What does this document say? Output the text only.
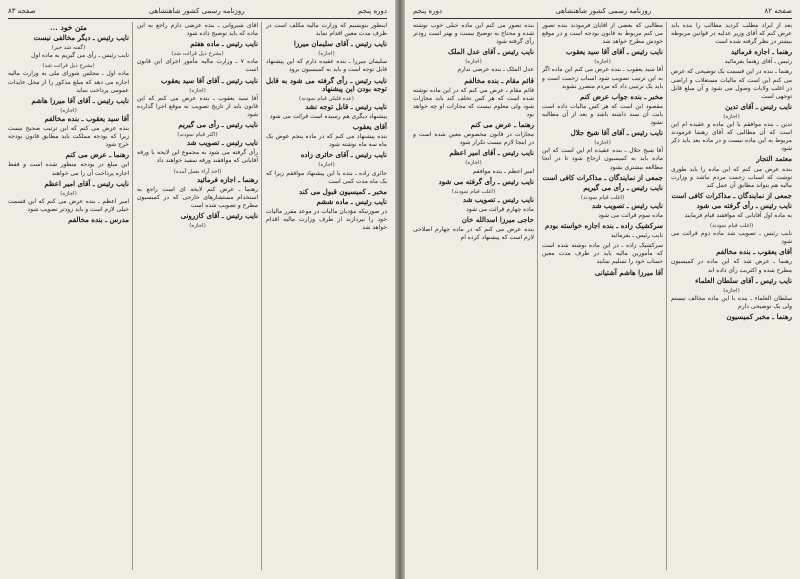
صفحه ۸۲
روزنامه رسمی کشور شاهنشاهی
دوره پنجم
بعد از ایراد مطلب کردید مطالب را بنده باید عرض کنم که آقای وزیر عدلیه در قوانین مربوطه بیشتر در نظر گرفته شده است
رهنما ـ اجازه فرمائید
رئیس ـ آقای رهنما بفرمائید
رهنما ـ بنده در این قسمت یک توضیحی که عرض می کنم این است که مالیات مستغلات و اراضی در اغلب ولایات وصول می شود و آن مبلغ قابل توجهی است
نایب رئیس ـ آقای تدین
(اجازه)
تدین ـ بنده موافقم با این ماده و عقیده ام این است که آن مطالبی که آقای رهنما فرمودند مربوط به این ماده نیست و در ماده بعد باید ذکر شود
معتمد التجار
بنده عرض می کنم که این ماده را باید طوری نوشت که اسباب زحمت مردم نباشد و وزارت مالیه هم بتواند مطابق آن عمل کند
جمعی از نمایندگان ـ مذاکرات کافی است
نایب رئیس ـ رأی گرفته می شود
به ماده اول آقایانی که موافقند قیام فرمایند
(اغلب قیام نمودند)
نایب رئیس ـ تصویب شد ماده دوم قرائت می شود
آقای یعقوب ـ بنده مخالفم
رهنما ـ عرض شد که این ماده در کمیسیون مطرح شده و اکثریت رأی داده اند
نایب رئیس ـ آقای سلطان العلماء
(اجازه)
سلطان العلماء ـ بنده با این ماده مخالف نیستم ولی یک توضیحی دارم
رهنما ـ مخبر کمیسیون
مطالبی که بعضی از آقایان فرمودند بنده تصور می کنم مربوط به قانون بودجه است و در موقع خودش مطرح خواهد شد
نایب رئیس ـ آقای آقا سید یعقوب
(اجازه)
آقا سید یعقوب ـ بنده عرض می کنم این ماده اگر به این ترتیب تصویب شود اسباب زحمت است و باید یک ترتیبی داد که مردم متضرر نشوند
مخبر ـ بنده جواب عرض کنم
مقصود این است که هر کس مالیات داده است بابت آن سند داشته باشد و بعد از آن مطالبه نشود
نایب رئیس ـ آقای آقا شیخ جلال
(اجازه)
آقا شیخ جلال ـ بنده عقیده ام این است که این ماده باید به کمیسیون ارجاع شود تا در آنجا مطالعه بیشتری بشود
جمعی از نمایندگان ـ مذاکرات کافی است
نایب رئیس ـ رأی می گیریم
(اغلب قیام نمودند)
نایب رئیس ـ تصویب شد
ماده سوم قرائت می شود
سرکشیک زاده ـ بنده اجازه خواسته بودم
نایب رئیس ـ بفرمائید
سرکشیک زاده ـ در این ماده نوشته شده است که مأمورین مالیه باید در ظرف مدت معین حساب خود را تسلیم نمایند
آقا میرزا هاشم آشتیانی
بنده تصور می کنم این ماده خیلی خوب نوشته شده و محتاج به توضیح نیست و بهتر است زودتر رأی گرفته شود
نایب رئیس ـ آقای عدل الملک
(اجازه)
عدل الملک ـ بنده عرضی ندارم
قائم مقام ـ بنده مخالفم
قائم مقام ـ عرض می کنم که در این ماده نوشته شده است که هر کس تخلف کند باید مجازات شود ولی معلوم نیست که مجازات او چه خواهد بود
رهنما ـ عرض می کنم
مجازات در قانون مخصوص معین شده است و در اینجا لازم نیست تکرار شود
نایب رئیس ـ آقای امیر اعظم
(اجازه)
امیر اعظم ـ بنده موافقم
نایب رئیس ـ رأی گرفته می شود
(اغلب قیام نمودند)
نایب رئیس ـ تصویب شد
ماده چهارم قرائت می شود
حاجی میرزا اسدالله خان
بنده عرض می کنم که در ماده چهارم اصلاحی لازم است که پیشنهاد کرده ام
دوره پنجم
روزنامه رسمی کشور شاهنشاهی
صفحه ۸۳
اینطور بنویسیم که وزارت مالیه مکلف است در ظرف مدت معین اقدام نماید
نایب رئیس ـ آقای سلیمان میرزا
(اجازه)
سلیمان میرزا ـ بنده عقیده دارم که این پیشنهاد قابل توجه است و باید به کمیسیون برود
نایب رئیس ـ رأی گرفته می شود به قابل توجه بودن این پیشنهاد
(عده قلیلی قیام نمودند)
نایب رئیس ـ قابل توجه نشد
پیشنهاد دیگری هم رسیده است قرائت می شود
آقای یعقوب
بنده پیشنهاد می کنم که در ماده پنجم عوض یک ماه سه ماه نوشته شود
نایب رئیس ـ آقای حائری زاده
(اجازه)
حائری زاده ـ بنده با این پیشنهاد موافقم زیرا که یک ماه مدت کمی است
مخبر ـ کمیسیون قبول می کند
نایب رئیس ـ ماده ششم
در صورتیکه مؤدیان مالیات در موعد مقرر مالیات خود را نپردازند از طرف وزارت مالیه اقدام خواهد شد
آقای شیروانی ـ بنده عرضی دارم راجع به این ماده که باید توضیح داده شود
نایب رئیس ـ ماده هفتم
(بشرح ذیل قرائت شد)
ماده ۷ ـ وزارت مالیه مأمور اجرای این قانون است
نایب رئیس ـ آقای آقا سید یعقوب
(اجازه)
آقا سید یعقوب ـ بنده عرض می کنم که این قانون باید از تاریخ تصویب به موقع اجرا گذارده شود
نایب رئیس ـ رأی می گیریم
(اکثر قیام نمودند)
نایب رئیس ـ تصویب شد
رأی گرفته می شود به مجموع این لایحه با ورقه آقایانی که موافقند ورقه سفید خواهند داد
(اخذ آراء بعمل آمده)
رهنما ـ اجازه فرمائید
رهنما ـ عرض کنم لایحه ای است راجع به استخدام مستشارهای خارجی که در کمیسیون مطرح و تصویب شده است
نایب رئیس ـ آقای کازرونی
(اجازه)
متن خود ...
نایب رئیس ـ دیگر مخالفی نیست
(گفته شد خیر)
نایب رئیس ـ رأی می گیریم به ماده اول
(بشرح ذیل قرائت شد)
ماده اول ـ مجلس شورای ملی به وزارت مالیه اجازه می دهد که مبلغ مذکور را از محل عایدات عمومی پرداخت نماید
نایب رئیس ـ آقای آقا میرزا هاشم
(اجازه)
آقا سید یعقوب ـ بنده مخالفم
بنده عرض می کنم که این ترتیب صحیح نیست زیرا که بودجه مملکت باید مطابق قانون بودجه خرج شود
رهنما ـ عرض می کنم
این مبلغ در بودجه منظور شده است و فقط اجازه پرداخت آن را می خواهند
نایب رئیس ـ آقای امیر اعظم
(اجازه)
امیر اعظم ـ بنده عرض می کنم که این قسمت خیلی لازم است و باید زودتر تصویب شود
مدرس ـ بنده مخالفم
